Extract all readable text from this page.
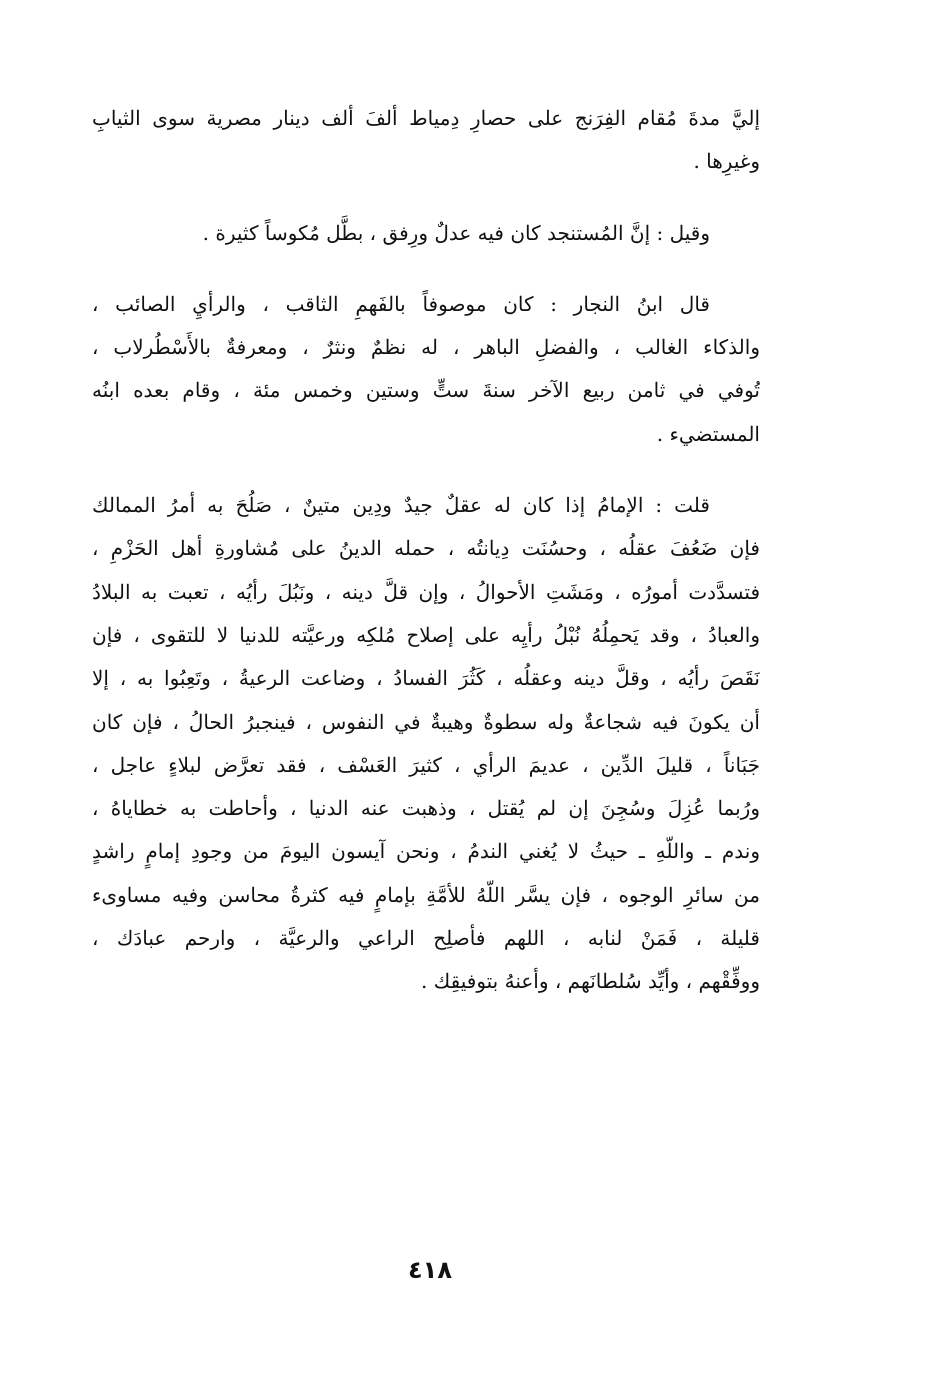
إليَّ مدةَ مُقام الفِرَنج على حصارِ دِمياط ألفَ ألف دينار مصرية سوى الثيابِ
وغيرِها .
وقيل : إنَّ المُستنجد كان فيه عدلٌ ورِفق ، بطَّل مُكوساً كثيرة .
قال ابنُ النجار : كان موصوفاً بالفَهمِ الثاقب ، والرأيِ الصائب ،
والذكاء الغالب ، والفضلِ الباهر ، له نظمٌ ونثرٌ ، ومعرفةٌ بالأَسْطُرلاب ،
تُوفي في ثامن ربيع الآخر سنةَ ستٍّ وستين وخمس مئة ، وقام بعده ابنُه
المستضيء .
قلت : الإمامُ إذا كان له عقلٌ جيدٌ ودِين متينٌ ، صَلُحَ به أمرُ الممالك
فإن ضَعُفَ عقلُه ، وحسُنَت دِيانتُه ، حمله الدينُ على مُشاورةِ أهل الحَزْمِ ،
فتسدَّدت أمورُه ، ومَشَتِ الأحوالُ ، وإن قلَّ دينه ، ونَبُلَ رأيُه ، تعبت به البلادُ
والعبادُ ، وقد يَحمِلُهُ نُبْلُ رأيِه على إصلاح مُلكِه ورعيَّته للدنيا لا للتقوى ، فإن
نَقَصَ رأيُه ، وقلَّ دينه وعقلُه ، كَثُرَ الفسادُ ، وضاعت الرعيةُ ، وتَعِبُوا به ، إلا
أن يكونَ فيه شجاعةٌ وله سطوةٌ وهيبةٌ في النفوس ، فينجبرُ الحالُ ، فإن كان
جَبَاناً ، قليلَ الدِّين ، عديمَ الرأي ، كثيرَ العَسْف ، فقد تعرَّض لبلاءٍ عاجل ،
ورُبما عُزِلَ وسُجِنَ إن لم يُقتل ، وذهبت عنه الدنيا ، وأحاطت به خطاياهُ ،
وندم ـ واللّهِ ـ حيثُ لا يُغني الندمُ ، ونحن آيسون اليومَ من وجودِ إمامٍ راشدٍ
من سائرِ الوجوه ، فإن يسَّر اللّهُ للأمَّةِ بإمامٍ فيه كثرةُ محاسن وفيه مساوىء
قليلة ، فَمَنْ لنابه ، اللهم فأصلِح الراعي والرعيَّة ، وارحم عبادَك ،
ووفِّقْهم ، وأيِّد سُلطانَهم ، وأعنهُ بتوفيقِك .
٤١٨
